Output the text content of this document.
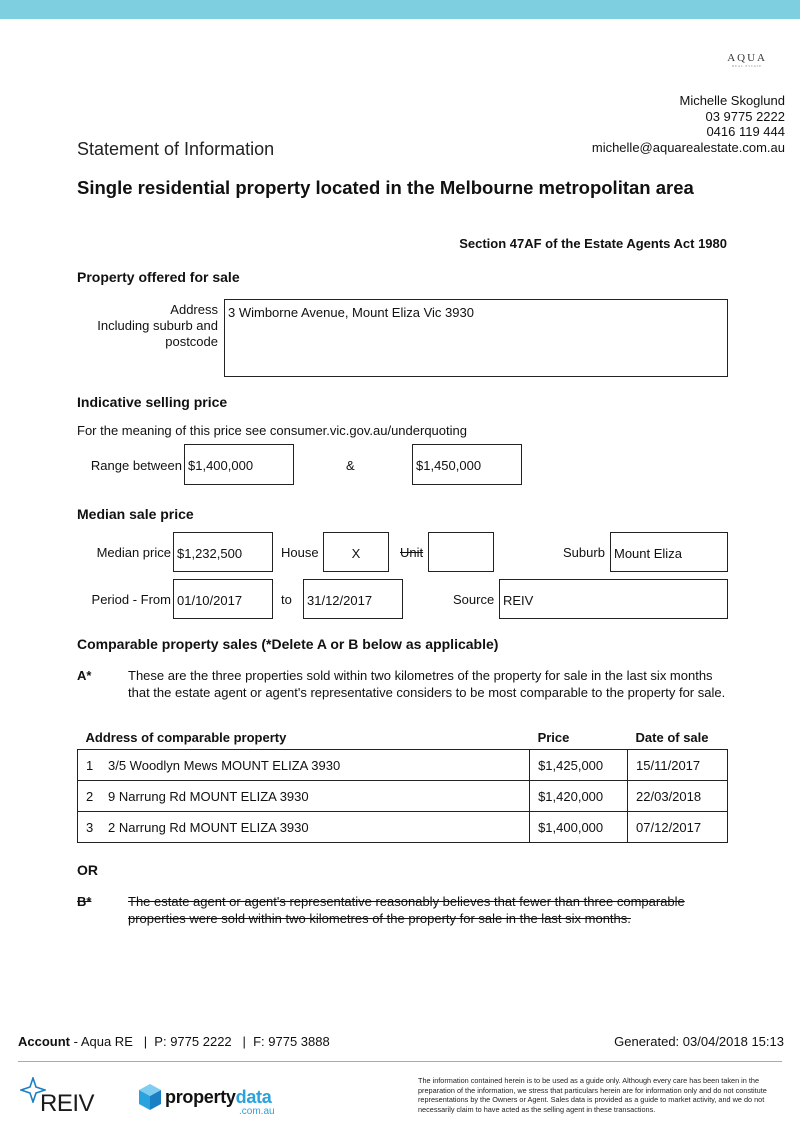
AQUA
REAL ESTATE
Michelle Skoglund
03 9775 2222
0416 119 444
michelle@aquarealestate.com.au
Statement of Information
Single residential property located in the Melbourne metropolitan area
Section 47AF of the Estate Agents Act 1980
Property offered for sale
Address
Including suburb and
postcode
3 Wimborne Avenue, Mount Eliza Vic 3930
Indicative selling price
For the meaning of this price see consumer.vic.gov.au/underquoting
Range between $1,400,000	&	$1,450,000
Median sale price
Median price $1,232,500	House	X	Unit	Suburb Mount Eliza
Period - From 01/10/2017	to	31/12/2017	Source REIV
Comparable property sales (*Delete A or B below as applicable)
A*	These are the three properties sold within two kilometres of the property for sale in the last six months that the estate agent or agent's representative considers to be most comparable to the property for sale.
Address of comparable property	Price	Date of sale
1 3/5 Woodlyn Mews MOUNT ELIZA 3930	$1,425,000	15/11/2017
2 9 Narrung Rd MOUNT ELIZA 3930	$1,420,000	22/03/2018
3 2 Narrung Rd MOUNT ELIZA 3930	$1,400,000	07/12/2017
OR
B*	The estate agent or agent's representative reasonably believes that fewer than three comparable properties were sold within two kilometres of the property for sale in the last six months.
Account - Aqua RE   |  P: 9775 2222   |  F: 9775 3888	Generated: 03/04/2018 15:13
REIV	propertydata
.com.au
The information contained herein is to be used as a guide only. Although every care has been taken in the preparation of the information, we stress that particulars herein are for information only and do not constitute representations by the Owners or Agent. Sales data is provided as a guide to market activity, and we do not necessarily claim to have acted as the selling agent in these transactions.
